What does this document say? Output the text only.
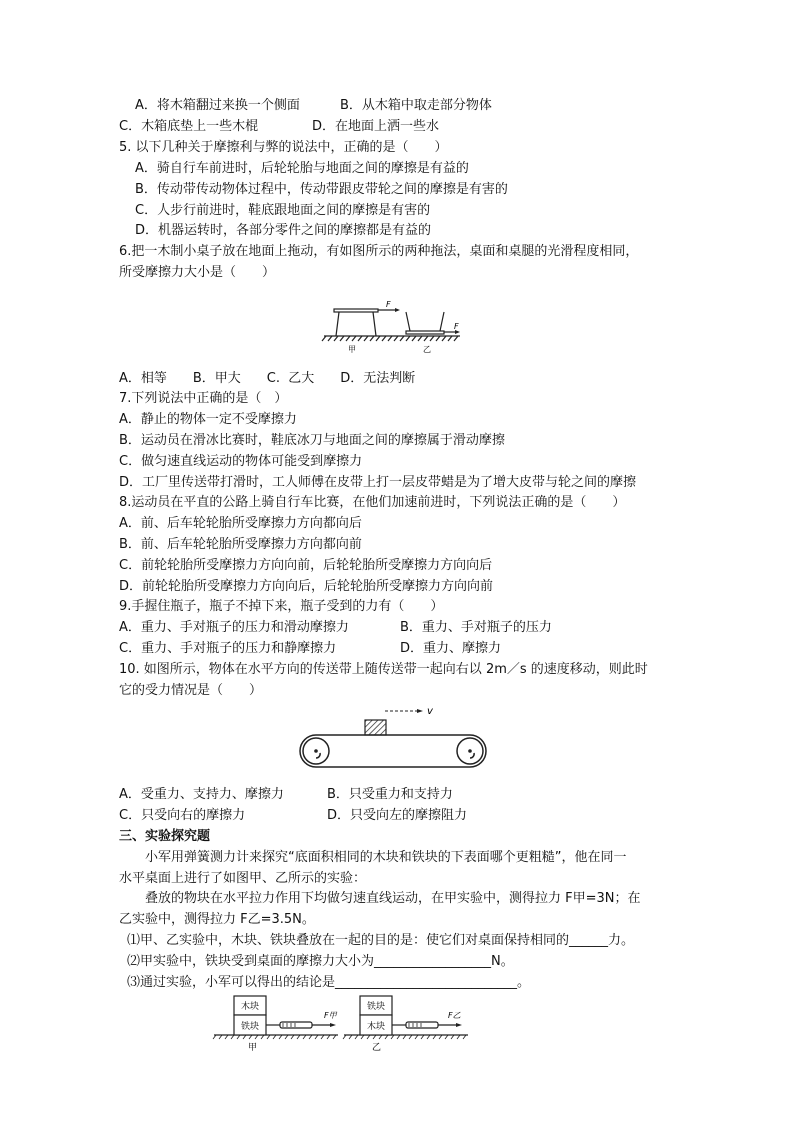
A．将木箱翻过来换一个侧面	B．从木箱中取走部分物体
C．木箱底垫上一些木棍	D．在地面上洒一些水
5. 以下几种关于摩擦利与弊的说法中，正确的是（　　）
A．骑自行车前进时，后轮轮胎与地面之间的摩擦是有益的
B．传动带传动物体过程中，传动带跟皮带轮之间的摩擦是有害的
C．人步行前进时，鞋底跟地面之间的摩擦是有害的
D．机器运转时，各部分零件之间的摩擦都是有益的
6.把一木制小桌子放在地面上拖动，有如图所示的两种拖法，桌面和桌腿的光滑程度相同，
所受摩擦力大小是（　　）
F
F
甲	乙
A．相等　　B．甲大　　C.  乙大　　D．无法判断
7.下列说法中正确的是（　）
A．静止的物体一定不受摩擦力
B．运动员在滑冰比赛时，鞋底冰刀与地面之间的摩擦属于滑动摩擦
C．做匀速直线运动的物体可能受到摩擦力
D．工厂里传送带打滑时，工人师傅在皮带上打一层皮带蜡是为了增大皮带与轮之间的摩擦
8.运动员在平直的公路上骑自行车比赛，在他们加速前进时，下列说法正确的是（　　）
A．前、后车轮轮胎所受摩擦力方向都向后
B．前、后车轮轮胎所受摩擦力方向都向前
C．前轮轮胎所受摩擦力方向向前，后轮轮胎所受摩擦力方向向后
D．前轮轮胎所受摩擦力方向向后，后轮轮胎所受摩擦力方向向前
9.手握住瓶子，瓶子不掉下来，瓶子受到的力有（　　）
A．重力、手对瓶子的压力和滑动摩擦力	B．重力、手对瓶子的压力
C．重力、手对瓶子的压力和静摩擦力	D．重力、摩擦力
10. 如图所示，物体在水平方向的传送带上随传送带一起向右以 2m／s 的速度移动，则此时
它的受力情况是（　　）
v
A．受重力、支持力、摩擦力	B．只受重力和支持力
C．只受向右的摩擦力	D．只受向左的摩擦阻力
三、实验探究题
小军用弹簧测力计来探究“底面积相同的木块和铁块的下表面哪个更粗糙”，他在同一
水平桌面上进行了如图甲、乙所示的实验：
叠放的物块在水平拉力作用下均做匀速直线运动，在甲实验中，测得拉力 F甲=3N；在
乙实验中，测得拉力 F乙=3.5N。
⑴甲、乙实验中，木块、铁块叠放在一起的目的是：使它们对桌面保持相同的______力。
⑵甲实验中，铁块受到桌面的摩擦力大小为__________________N。
⑶通过实验，小军可以得出的结论是____________________________。
木块
铁块
铁块
木块
F甲	F乙
甲	乙
